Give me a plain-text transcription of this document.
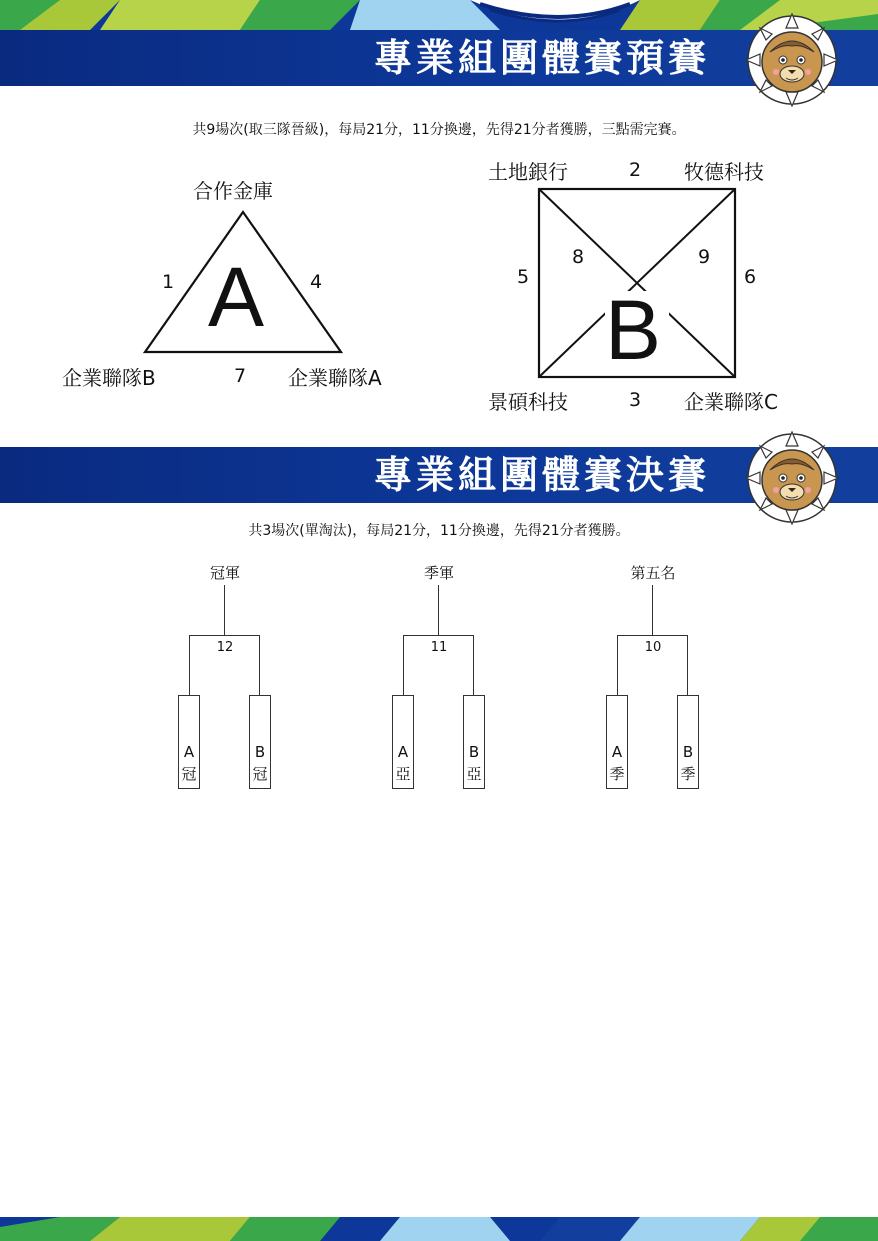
專業組團體賽預賽
共9場次(取三隊晉級)，每局21分，11分換邊，先得21分者獲勝，三點需完賽。
A
合作金庫
企業聯隊B	企業聯隊A
1	4
7	B
土地銀行	牧德科技
景碩科技	企業聯隊C
2
3
5	6
8	9
專業組團體賽決賽
共3場次(單淘汰)，每局21分，11分換邊，先得21分者獲勝。
冠軍
12
A
冠
B
冠
季軍
11
A
亞
B
亞
第五名
10
A
季
B
季
